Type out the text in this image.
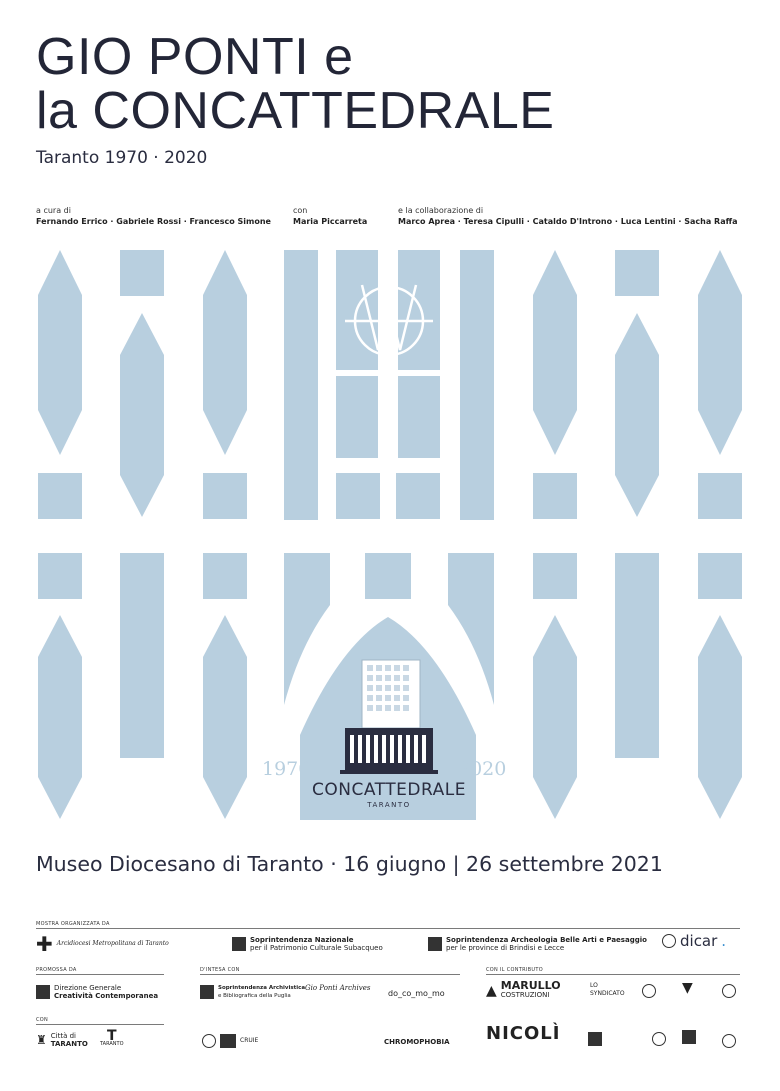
GIO PONTI e
la CONCATTEDRALE
Taranto 1970 · 2020
a cura di
Fernando Errico · Gabriele Rossi · Francesco Simone
con
Maria Piccarreta
e la collaborazione di
Marco Aprea · Teresa Cipulli · Cataldo D'Introno · Luca Lentini · Sacha Raffa
1970	2020
CONCATTEDRALE
TARANTO
Museo Diocesano di Taranto · 16 giugno | 26 settembre 2021
MOSTRA ORGANIZZATA DA
✚ Arcidiocesi Metropolitana di Taranto	Soprintendenza Nazionale
per il Patrimonio Culturale Subacqueo
Soprintendenza Archeologia Belle Arti e Paesaggio
per le province di Brindisi e Lecce	dicar .
PROMOSSA DA	D'INTESA CON	CON IL CONTRIBUTO
Direzione Generale
Creatività Contemporanea
Soprintendenza Archivistica
e Bibliografica della Puglia
Gio Ponti Archives
do_co_mo_mo	▲ MARULLO
COSTRUZIONI
LO SYNDICATO	▼
CON
♜ Città di
TARANTO T
TARANTO	CRUIE	CHROMOPHOBIA NICOLÌ
